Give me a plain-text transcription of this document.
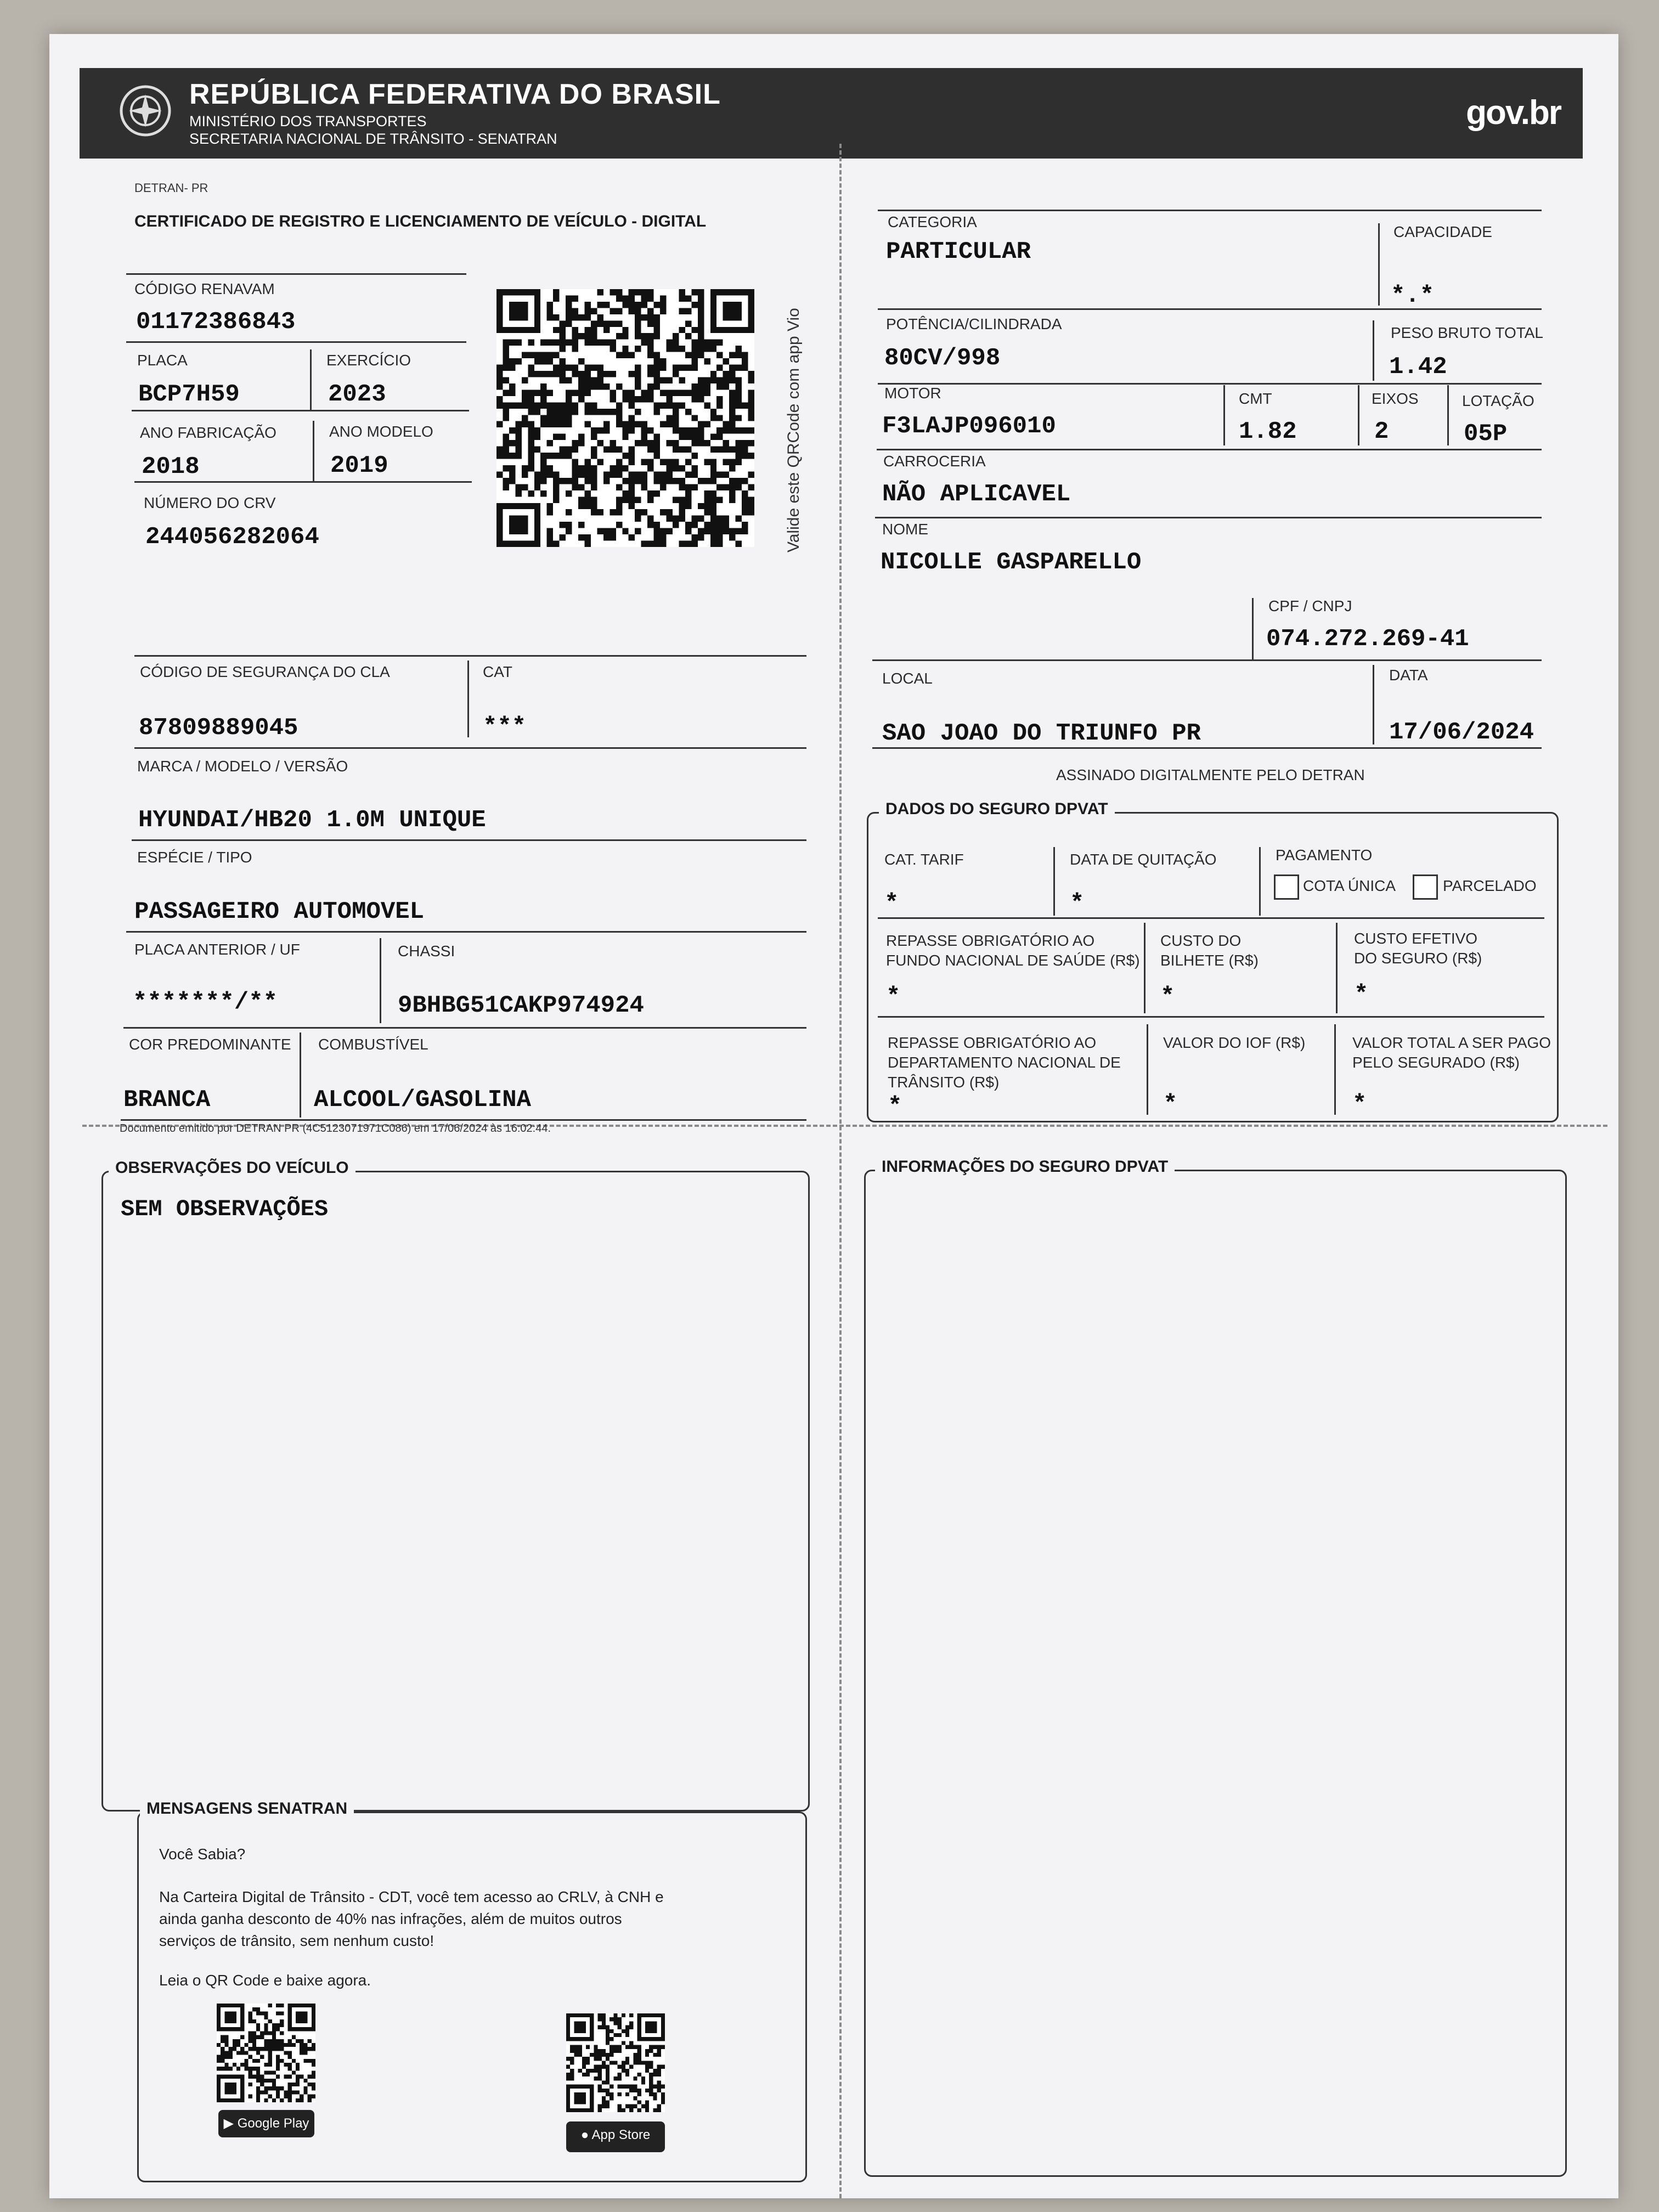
REPÚBLICA FEDERATIVA DO BRASIL
MINISTÉRIO DOS TRANSPORTES
SECRETARIA NACIONAL DE TRÂNSITO - SENATRAN
gov.br
DETRAN- PR
CERTIFICADO DE REGISTRO E LICENCIAMENTO DE VEÍCULO - DIGITAL
CÓDIGO RENAVAM
01172386843
PLACA
BCP7H59
EXERCÍCIO
2023
ANO FABRICAÇÃO
2018
ANO MODELO
2019
NÚMERO DO CRV
244056282064	Valide este QRCode com app Vio
CÓDIGO DE SEGURANÇA DO CLA
87809889045
CAT
***
MARCA / MODELO / VERSÃO
HYUNDAI/HB20 1.0M UNIQUE
ESPÉCIE / TIPO
PASSAGEIRO AUTOMOVEL
PLACA ANTERIOR / UF
*******/**
CHASSI
9BHBG51CAKP974924
COR PREDOMINANTE
BRANCA
COMBUSTÍVEL
ALCOOL/GASOLINA
Documento emitido por DETRAN PR (4C5123071971C086) em 17/06/2024 às 16:02:44.
CATEGORIA
PARTICULAR
CAPACIDADE
*.*
POTÊNCIA/CILINDRADA
80CV/998
PESO BRUTO TOTAL
1.42
MOTOR
F3LAJP096010
CMT
1.82
EIXOS
2
LOTAÇÃO
05P
CARROCERIA
NÃO APLICAVEL
NOME
NICOLLE GASPARELLO
CPF / CNPJ
074.272.269-41
LOCAL
SAO JOAO DO TRIUNFO PR
DATA
17/06/2024
ASSINADO DIGITALMENTE PELO DETRAN
DADOS DO SEGURO DPVAT
CAT. TARIF
*
DATA DE QUITAÇÃO
*
PAGAMENTO
COTA ÚNICA	PARCELADO
REPASSE OBRIGATÓRIO AO
FUNDO NACIONAL DE SAÚDE (R$)
*
CUSTO DO
BILHETE (R$)
*
CUSTO EFETIVO
DO SEGURO (R$)
*
REPASSE OBRIGATÓRIO AO
DEPARTAMENTO NACIONAL DE
TRÂNSITO (R$)
*
VALOR DO IOF (R$)
*
VALOR TOTAL A SER PAGO
PELO SEGURADO (R$)
*
OBSERVAÇÕES DO VEÍCULO
SEM OBSERVAÇÕES
INFORMAÇÕES DO SEGURO DPVAT
MENSAGENS SENATRAN
Você Sabia?
Na Carteira Digital de Trânsito - CDT, você tem acesso ao CRLV, à CNH e
ainda ganha desconto de 40% nas infrações, além de muitos outros
serviços de trânsito, sem nenhum custo!
Leia o QR Code e baixe agora.
▶ Google Play
● App Store
